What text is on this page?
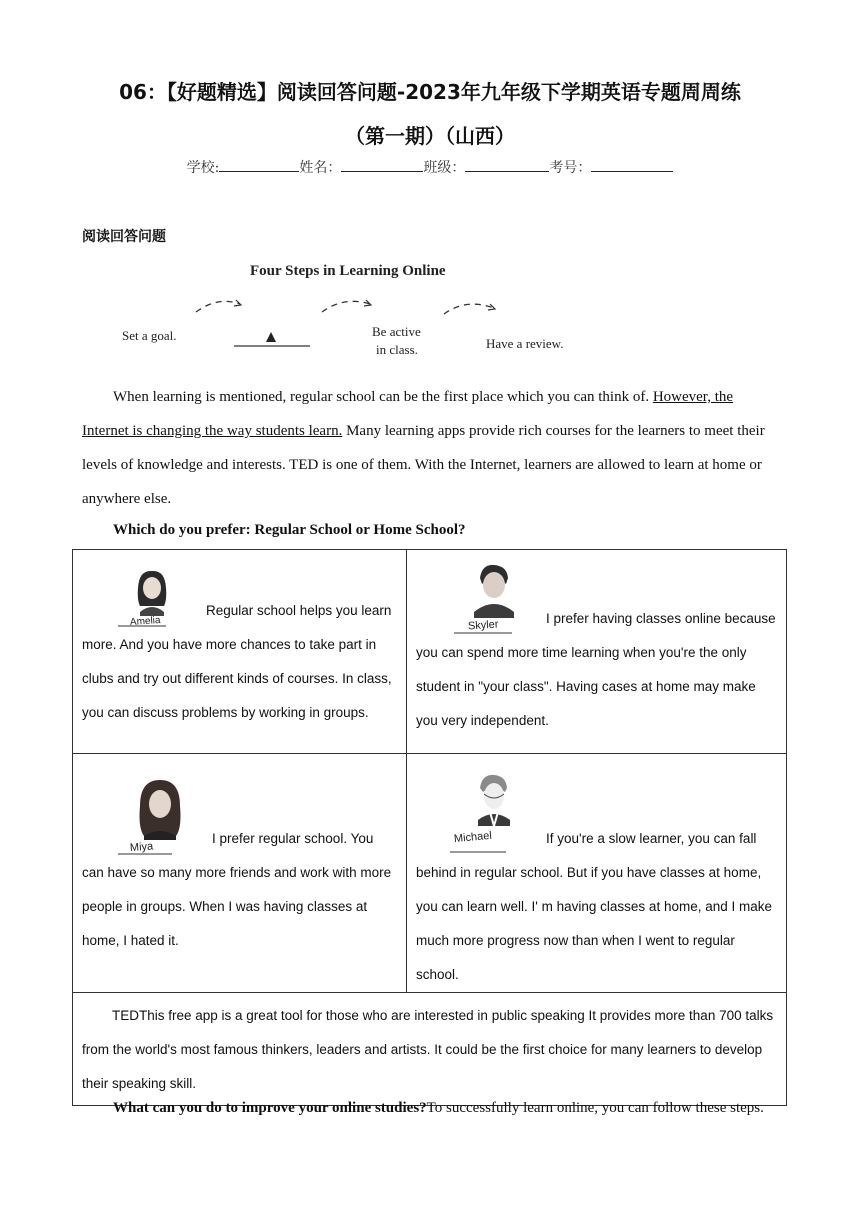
06：【好题精选】阅读回答问题-2023年九年级下学期英语专题周周练
（第一期）（山西）
学校:	姓名：	班级：	考号：
阅读回答问题
Four Steps in Learning Online
Set a goal.	Be active
in class.	Have a review.

When learning is mentioned, regular school can be the first place which you can think of. However, the Internet is changing the way students learn. Many learning apps provide rich courses for the learners to meet their levels of knowledge and interests. TED is one of them. With the Internet, learners are allowed to learn at home or anywhere else.

Which do you prefer: Regular School or Home School?
Amelia
Regular school helps you learn more. And you have more chances to take part in clubs and try out different kinds of courses. In class, you can discuss problems by working in groups.	Skyler I prefer having classes online because you can spend more time learning when you're the only student in "your class". Having cases at home may make you very independent.

Miya
I prefer regular school. You can have so many more friends and work with more people in groups. When I was having classes at home, I hated it.	Michael If you're a slow learner, you can fall behind in regular school. But if you have classes at home, you can learn well. I' m having classes at home, and I make much more progress now than when I went to regular school.

TEDThis free app is a great tool for those who are interested in public speaking It provides more than 700 talks from the world's most famous thinkers, leaders and artists. It could be the first choice for many learners to develop their speaking skill.	
What can you do to improve your online studies?To successfully learn online, you can follow these steps.
